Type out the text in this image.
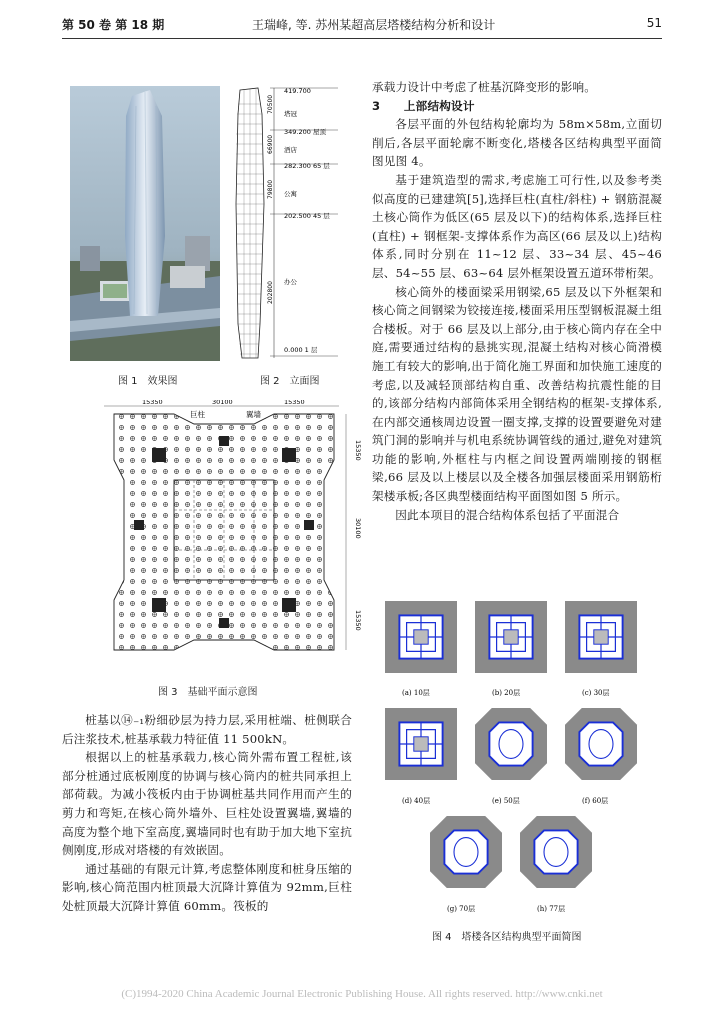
第 50 卷 第 18 期	王瑞峰, 等. 苏州某超高层塔楼结构分析和设计	51
图 1　效果图
419.700
塔冠
349.200 屋顶
酒店
282.300 65 层
公寓
202.500 45 层
办公
0.000 1 层
70500
66900
79800
202800
图 2　立面图
15350	30100	15350
巨柱	翼墙
15350
30100
15350
图 3　基础平面示意图

桩基以⑭₋₁粉细砂层为持力层,采用桩端、桩侧联合后注浆技术,桩基承载力特征值 11 500kN。

根据以上的桩基承载力,核心筒外需布置工程桩,该部分桩通过底板刚度的协调与核心筒内的桩共同承担上部荷载。为减小筏板内由于协调桩基共同作用而产生的剪力和弯矩,在核心筒外墙外、巨柱处设置翼墙,翼墙的高度为整个地下室高度,翼墙同时也有助于加大地下室抗侧刚度,形成对塔楼的有效嵌固。

通过基础的有限元计算,考虑整体刚度和桩身压缩的影响,核心筒范围内桩顶最大沉降计算值为 92mm,巨柱处桩顶最大沉降计算值 60mm。筏板的

承载力设计中考虑了桩基沉降变形的影响。

3　　上部结构设计

各层平面的外包结构轮廓均为 58m×58m,立面切削后,各层平面轮廓不断变化,塔楼各区结构典型平面简图见图 4。

基于建筑造型的需求,考虑施工可行性,以及参考类似高度的已建建筑[5],选择巨柱(直柱/斜柱) + 钢筋混凝土核心筒作为低区(65 层及以下)的结构体系,选择巨柱(直柱) + 钢框架-支撑体系作为高区(66 层及以上)结构体系,同时分别在 11~12 层、33~34 层、45~46 层、54~55 层、63~64 层外框架设置五道环带桁架。

核心筒外的楼面梁采用钢梁,65 层及以下外框架和核心筒之间钢梁为铰接连接,楼面采用压型钢板混凝土组合楼板。对于 66 层及以上部分,由于核心筒内存在全中庭,需要通过结构的悬挑实现,混凝土结构对核心筒滑模施工有较大的影响,出于简化施工界面和加快施工速度的考虑,以及减轻顶部结构自重、改善结构抗震性能的目的,该部分结构内部筒体采用全钢结构的框架-支撑体系,在内部交通核周边设置一圈支撑,支撑的设置要避免对建筑门洞的影响并与机电系统协调管线的通过,避免对建筑功能的影响,外框柱与内框之间设置两端刚接的钢框梁,66 层及以上楼层以及全楼各加强层楼面采用钢筋桁架楼承板;各区典型楼面结构平面图如图 5 所示。

因此本项目的混合结构体系包括了平面混合

(a) 10层	(b) 20层	(c) 30层
(d) 40层	(e) 50层	(f) 60层
(g) 70层	(h) 77层
图 4　塔楼各区结构典型平面简图
(C)1994-2020 China Academic Journal Electronic Publishing House. All rights reserved. http://www.cnki.net
